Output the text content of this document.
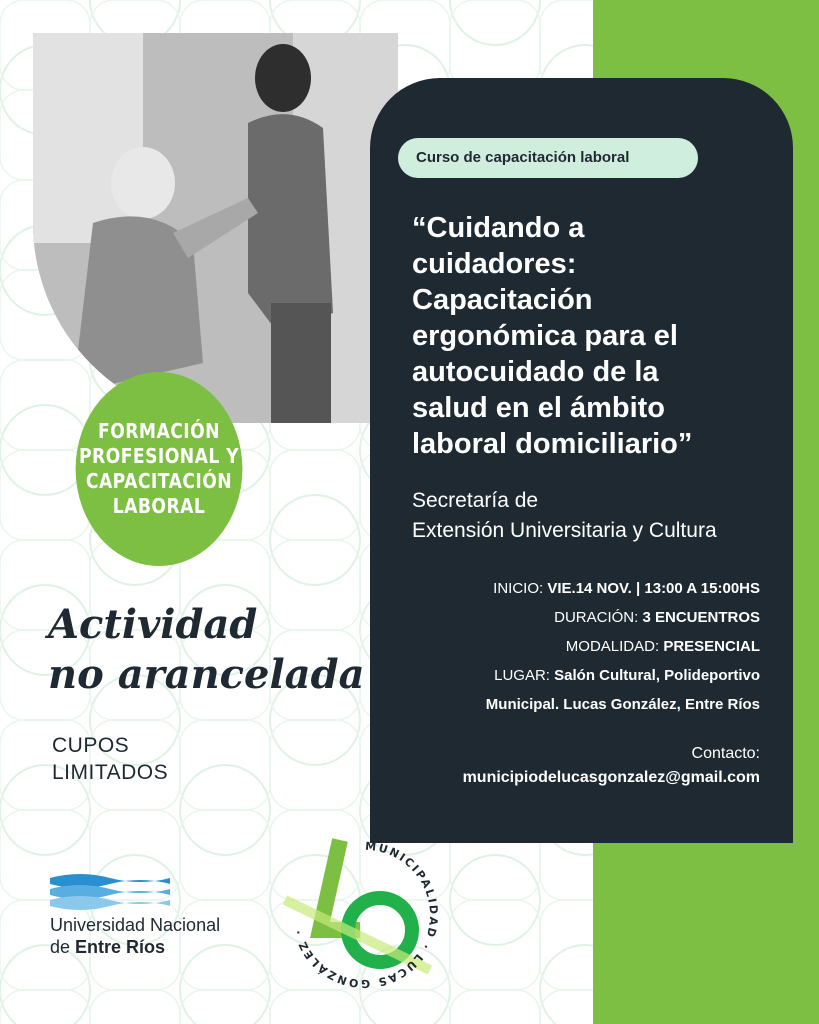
Curso de capacitación laboral
“Cuidando a
cuidadores:
Capacitación
ergonómica para el
autocuidado de la
salud en el ámbito
laboral domiciliario”
Secretaría de
Extensión Universitaria y Cultura
INICIO: VIE.14 NOV. | 13:00 A 15:00HS
DURACIÓN: 3 ENCUENTROS
MODALIDAD: PRESENCIAL
LUGAR: Salón Cultural, Polideportivo
Municipal. Lucas González, Entre Ríos
Contacto:
municipiodelucasgonzalez@gmail.com
FORMACIÓN
PROFESIONAL Y
CAPACITACIÓN
LABORAL
Actividad
no arancelada
CUPOS
LIMITADOS
Universidad Nacional
de Entre Ríos
MUNICIPALIDAD · LUCAS GONZÁLEZ ·
